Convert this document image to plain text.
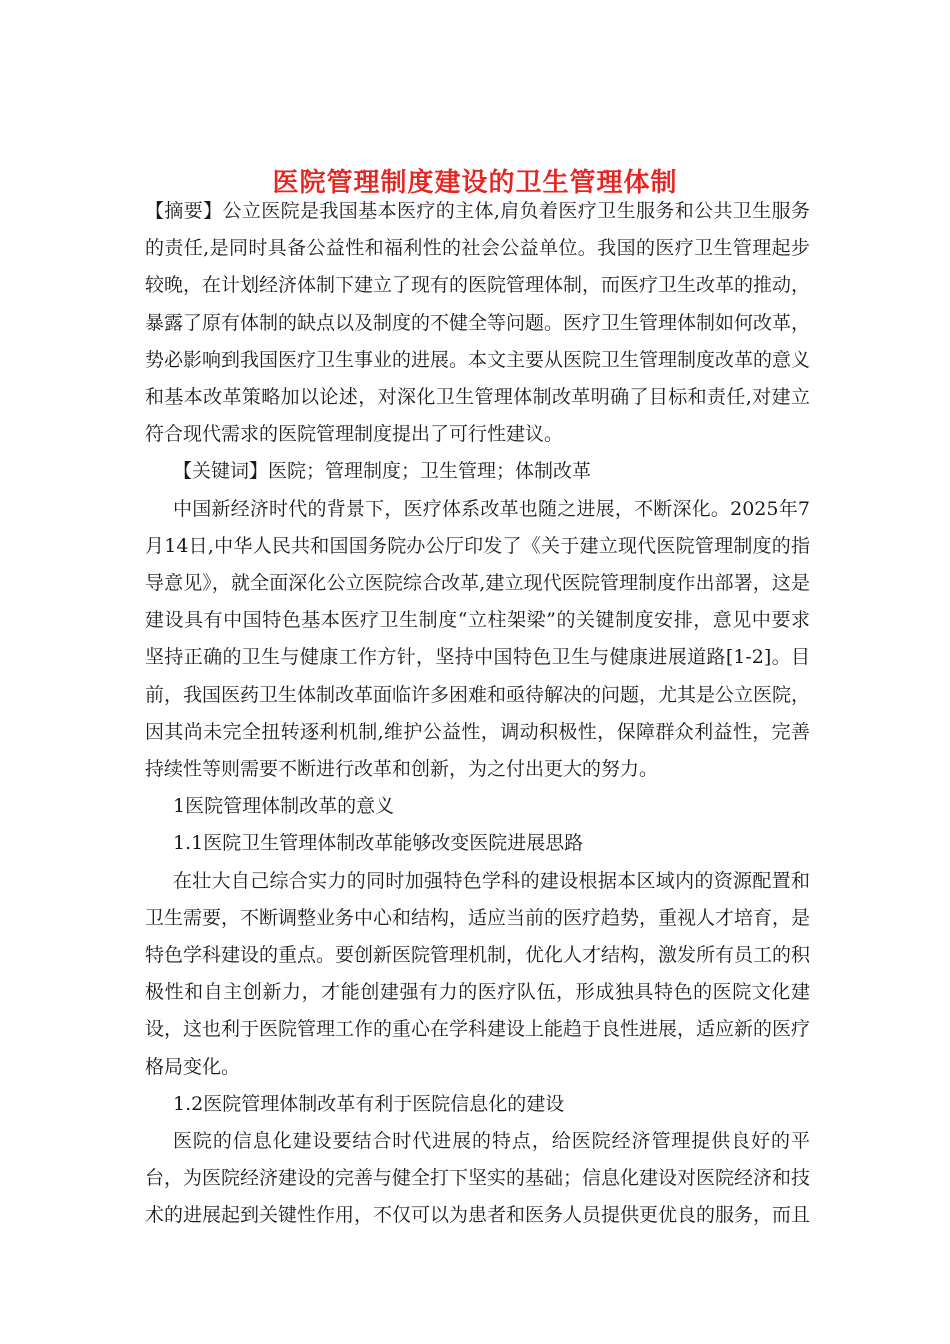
医院管理制度建设的卫生管理体制

【摘要】公立医院是我国基本医疗的主体,肩负着医疗卫生服务和公共卫生服务的责任,是同时具备公益性和福利性的社会公益单位。我国的医疗卫生管理起步较晚，在计划经济体制下建立了现有的医院管理体制，而医疗卫生改革的推动，暴露了原有体制的缺点以及制度的不健全等问题。医疗卫生管理体制如何改革，势必影响到我国医疗卫生事业的进展。本文主要从医院卫生管理制度改革的意义和基本改革策略加以论述，对深化卫生管理体制改革明确了目标和责任,对建立符合现代需求的医院管理制度提出了可行性建议。

【关键词】医院；管理制度；卫生管理；体制改革

中国新经济时代的背景下，医疗体系改革也随之进展，不断深化。2025年7月14日,中华人民共和国国务院办公厅印发了《关于建立现代医院管理制度的指导意见》，就全面深化公立医院综合改革,建立现代医院管理制度作出部署，这是建设具有中国特色基本医疗卫生制度“立柱架梁”的关键制度安排，意见中要求坚持正确的卫生与健康工作方针，坚持中国特色卫生与健康进展道路[1-2]。目前，我国医药卫生体制改革面临许多困难和亟待解决的问题，尤其是公立医院，因其尚未完全扭转逐利机制,维护公益性，调动积极性，保障群众利益性，完善持续性等则需要不断进行改革和创新，为之付出更大的努力。

1医院管理体制改革的意义

1.1医院卫生管理体制改革能够改变医院进展思路

在壮大自己综合实力的同时加强特色学科的建设根据本区域内的资源配置和卫生需要，不断调整业务中心和结构，适应当前的医疗趋势，重视人才培育，是特色学科建设的重点。要创新医院管理机制，优化人才结构，激发所有员工的积极性和自主创新力，才能创建强有力的医疗队伍，形成独具特色的医院文化建设，这也利于医院管理工作的重心在学科建设上能趋于良性进展，适应新的医疗格局变化。

1.2医院管理体制改革有利于医院信息化的建设

医院的信息化建设要结合时代进展的特点，给医院经济管理提供良好的平台，为医院经济建设的完善与健全打下坚实的基础；信息化建设对医院经济和技术的进展起到关键性作用，不仅可以为患者和医务人员提供更优良的服务，而且
